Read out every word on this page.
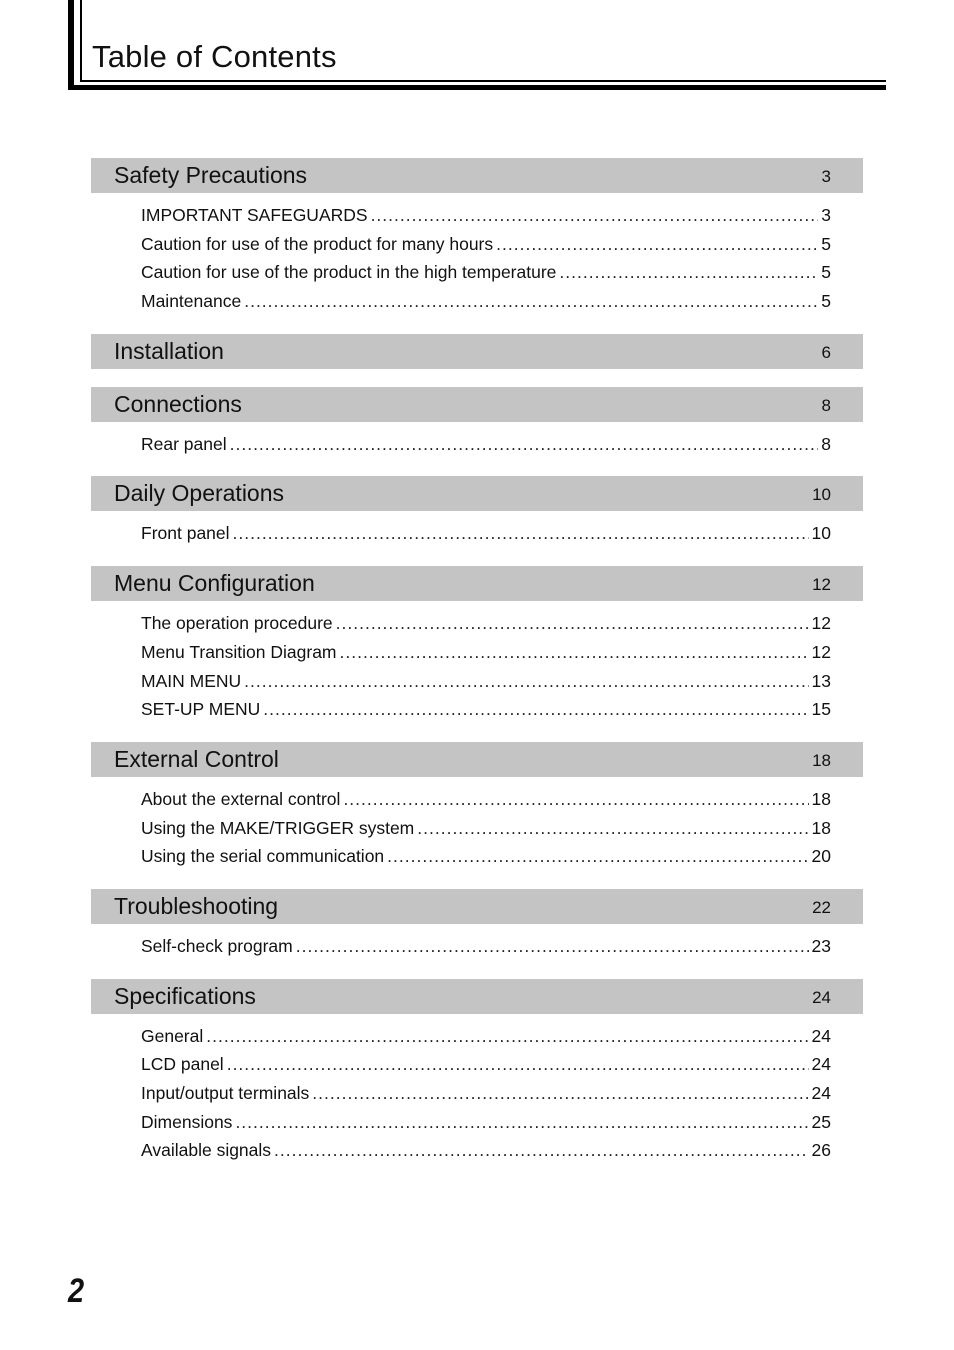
Table of Contents
Safety Precautions	3
IMPORTANT SAFEGUARDS .....	3
Caution for use of the product for many hours .....	5
Caution for use of the product in the high temperature .....	5
Maintenance .....	5
Installation	6
Connections	8
Rear panel .....	8
Daily Operations	10
Front panel .....	10
Menu Configuration	12
The operation procedure .....	12
Menu Transition Diagram .....	12
MAIN MENU .....	13
SET-UP MENU .....	15
External Control	18
About the external control .....	18
Using the MAKE/TRIGGER system .....	18
Using the serial communication .....	20
Troubleshooting	22
Self-check program .....	23
Specifications	24
General .....	24
LCD panel .....	24
Input/output terminals .....	24
Dimensions .....	25
Available signals .....	26
2
